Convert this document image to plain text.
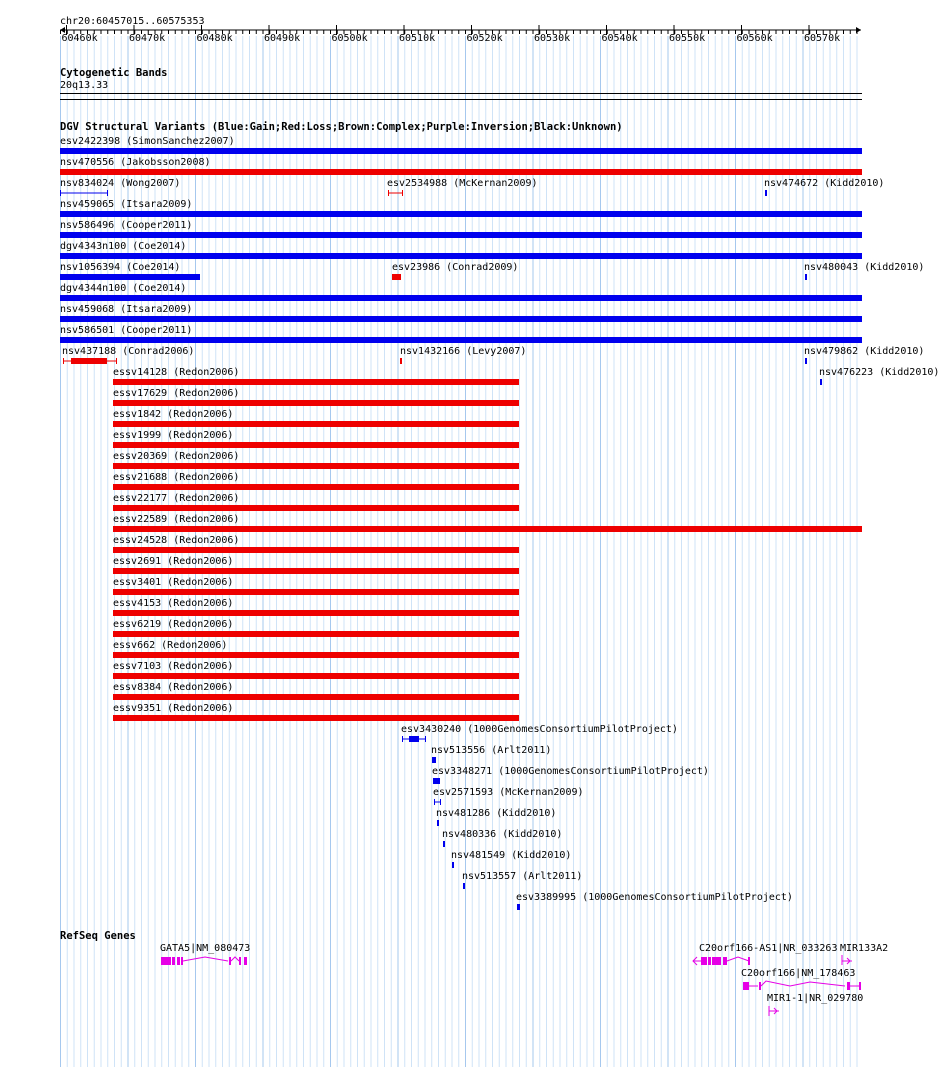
chr20:60457015..60575353
60460k	60470k	60480k	60490k	60500k	60510k	60520k	60530k	60540k	60550k	60560k	60570k
Cytogenetic Bands
20q13.33
DGV Structural Variants (Blue:Gain;Red:Loss;Brown:Complex;Purple:Inversion;Black:Unknown)
esv2422398 (SimonSanchez2007)
nsv470556 (Jakobsson2008)
nsv834024 (Wong2007)	esv2534988 (McKernan2009)	nsv474672 (Kidd2010)
nsv459065 (Itsara2009)
nsv586496 (Cooper2011)
dgv4343n100 (Coe2014)
nsv1056394 (Coe2014)	esv23986 (Conrad2009)	nsv480043 (Kidd2010)
dgv4344n100 (Coe2014)
nsv459068 (Itsara2009)
nsv586501 (Cooper2011)
nsv437188 (Conrad2006)	nsv1432166 (Levy2007)	nsv479862 (Kidd2010)
essv14128 (Redon2006)	nsv476223 (Kidd2010)
essv17629 (Redon2006)
essv1842 (Redon2006)
essv1999 (Redon2006)
essv20369 (Redon2006)
essv21688 (Redon2006)
essv22177 (Redon2006)
essv22589 (Redon2006)
essv24528 (Redon2006)
essv2691 (Redon2006)
essv3401 (Redon2006)
essv4153 (Redon2006)
essv6219 (Redon2006)
essv662 (Redon2006)
essv7103 (Redon2006)
essv8384 (Redon2006)
essv9351 (Redon2006)
esv3430240 (1000GenomesConsortiumPilotProject)
nsv513556 (Arlt2011)
esv3348271 (1000GenomesConsortiumPilotProject)
esv2571593 (McKernan2009)
nsv481286 (Kidd2010)
nsv480336 (Kidd2010)
nsv481549 (Kidd2010)
nsv513557 (Arlt2011)
esv3389995 (1000GenomesConsortiumPilotProject)
RefSeq Genes
GATA5|NM_080473	C20orf166-AS1|NR_033263 MIR133A2
C20orf166|NM_178463
MIR1-1|NR_029780
